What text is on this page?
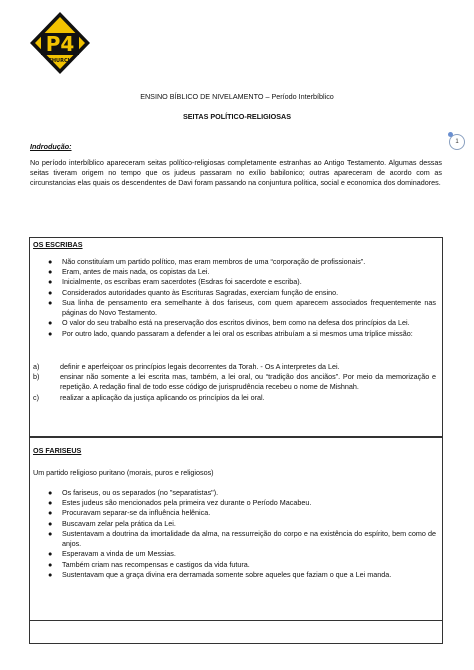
P4
CHURCH
1
ENSINO BÍBLICO DE NIVELAMENTO – Período Interbíblico
SEITAS POLÍTICO-RELIGIOSAS
Indrodução:
No período interbíblico apareceram seitas político-religiosas completamente estranhas ao Antigo Testamento. Algumas dessas seitas tiveram origem no tempo que os judeus passaram no exílio babilonico; outras apareceram de acordo com as circunstancias elas quais os descendentes de Davi foram passando na conjuntura política, social e economica dos dominadores.
OS ESCRIBAS
● Não constituíam um partido político, mas eram membros de uma “corporação de profissionais”.
● Eram, antes de mais nada, os copistas da Lei.
● Inicialmente, os escribas eram sacerdotes (Esdras foi sacerdote e escriba).
● Considerados autoridades quanto às Escrituras Sagradas, exerciam função de ensino.
● Sua linha de pensamento era semelhante à dos fariseus, com quem aparecem associados frequentemente nas páginas do Novo Testamento.
● O valor do seu trabalho está na preservação dos escritos divinos, bem como na defesa dos princípios da Lei.
● Por outro lado, quando passaram a defender a lei oral os escribas atribuíam a si mesmos uma tríplice missão:
a)	definir e aperfeiçoar os princípios legais decorrentes da Torah. - Os A interpretes da Lei.
b)	ensinar não somente a lei escrita mas, também, a lei oral, ou “tradição dos anciãos”. Por meio da memorização e repetição. A redação final de todo esse código de jurisprudência recebeu o nome de Mishnah.
c)	realizar a aplicação da justiça aplicando os princípios da lei oral.
OS FARISEUS
Um partido religioso puritano (morais, puros e religiosos)
● Os fariseus, ou os separados (no "separatistas").
● Estes judeus são mencionados pela primeira vez durante o Período Macabeu.
● Procuravam separar-se da influência helênica.
● Buscavam zelar pela prática da Lei.
● Sustentavam a doutrina da imortalidade da alma, na ressurreição do corpo e na existência do espírito, bem como de anjos.
● Esperavam a vinda de um Messias.
● Também criam nas recompensas e castigos da vida futura.
● Sustentavam que a graça divina era derramada somente sobre aqueles que faziam o que a Lei manda.
